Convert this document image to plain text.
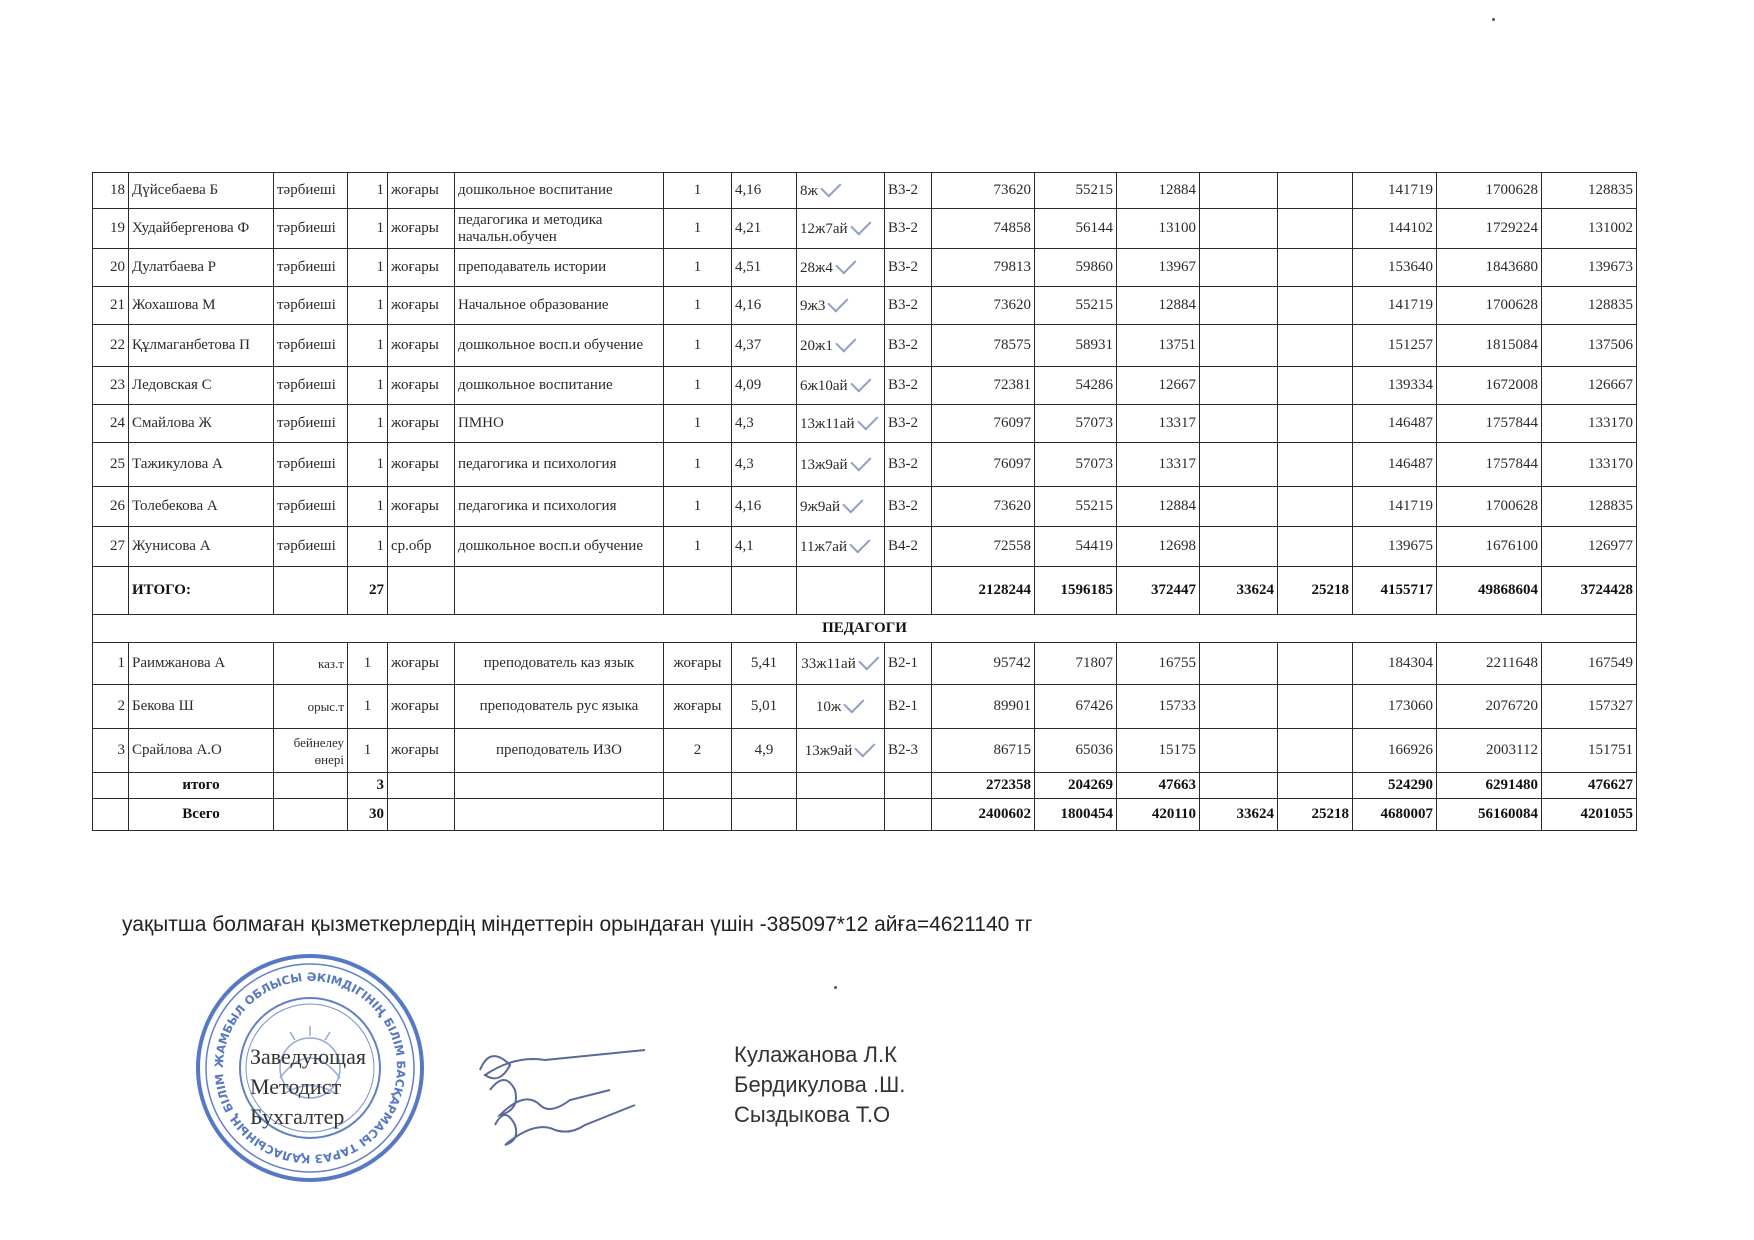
18	Дүйсебаева Б	тәрбиеші	1	жоғары	дошкольное воспитание	1	4,16	8ж	В3-2	73620	55215	12884			141719	1700628	128835
19	Худайбергенова Ф	тәрбиеші	1	жоғары	педагогика и методика начальн.обучен	1	4,21	12ж7ай	В3-2	74858	56144	13100			144102	1729224	131002
20	Дулатбаева Р	тәрбиеші	1	жоғары	преподаватель истории	1	4,51	28ж4	В3-2	79813	59860	13967			153640	1843680	139673
21	Жохашова М	тәрбиеші	1	жоғары	Начальное образование	1	4,16	9ж3	В3-2	73620	55215	12884			141719	1700628	128835
22	Құлмаганбетова П	тәрбиеші	1	жоғары	дошкольное восп.и обучение	1	4,37	20ж1	В3-2	78575	58931	13751			151257	1815084	137506
23	Ледовская С	тәрбиеші	1	жоғары	дошкольное воспитание	1	4,09	6ж10ай	В3-2	72381	54286	12667			139334	1672008	126667
24	Смайлова Ж	тәрбиеші	1	жоғары	ПМНО	1	4,3	13ж11ай	В3-2	76097	57073	13317			146487	1757844	133170
25	Тажикулова А	тәрбиеші	1	жоғары	педагогика и психология	1	4,3	13ж9ай	В3-2	76097	57073	13317			146487	1757844	133170
26	Толебекова А	тәрбиеші	1	жоғары	педагогика и психология	1	4,16	9ж9ай	В3-2	73620	55215	12884			141719	1700628	128835
27	Жунисова А	тәрбиеші	1	ср.обр	дошкольное восп.и обучение	1	4,1	11ж7ай	В4-2	72558	54419	12698			139675	1676100	126977
	ИТОГО:		27							2128244	1596185	372447	33624	25218	4155717	49868604	3724428
ПЕДАГОГИ																	
1	Раимжанова А	каз.т	1	жоғары	преподователь каз язык	жоғары	5,41	33ж11ай	В2-1	95742	71807	16755			184304	2211648	167549
2	Бекова Ш	орыс.т	1	жоғары	преподователь рус языка	жоғары	5,01	10ж	В2-1	89901	67426	15733			173060	2076720	157327
3	Срайлова А.О	бейнелеу өнері	1	жоғары	преподователь ИЗО	2	4,9	13ж9ай	В2-3	86715	65036	15175			166926	2003112	151751
	итого		3							272358	204269	47663			524290	6291480	476627
	Всего		30							2400602	1800454	420110	33624	25218	4680007	56160084	4201055
уақытша болмаған қызметкерлердің міндеттерін орындаған үшін -385097*12 айға=4621140 тг
ЖАМБЫЛ ОБЛЫСЫ ӘКІМДІГІНІҢ БІЛІМ БАСҚАРМАСЫ ТАРАЗ ҚАЛАСЫНЫҢ БІЛІМ
Заведующая
Методист
Бухгалтер
Кулажанова Л.К
Бердикулова .Ш.
Сыздыкова Т.О
